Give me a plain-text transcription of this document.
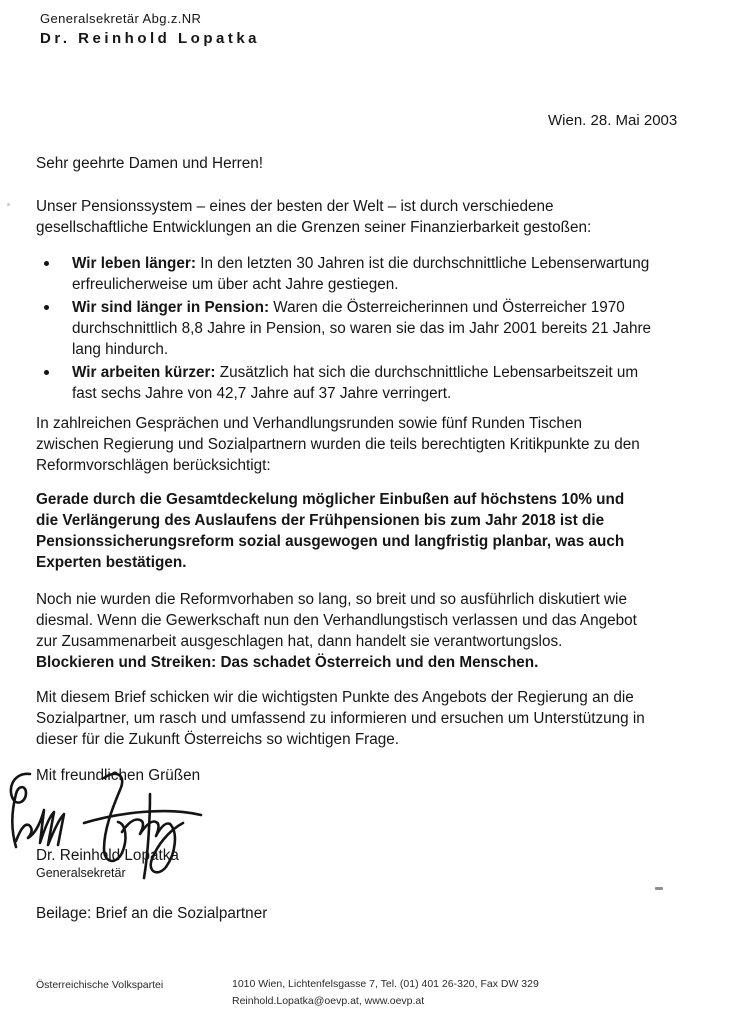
Generalsekretär Abg.z.NR
Dr. Reinhold Lopatka
Wien. 28. Mai 2003

Sehr geehrte Damen und Herren!

Unser Pensionssystem – eines der besten der Welt – ist durch verschiedene
gesellschaftliche Entwicklungen an die Grenzen seiner Finanzierbarkeit gestoßen:

Wir leben länger: In den letzten 30 Jahren ist die durchschnittliche Lebenserwartung
erfreulicherweise um über acht Jahre gestiegen.
Wir sind länger in Pension: Waren die Österreicherinnen und Österreicher 1970
durchschnittlich 8,8 Jahre in Pension, so waren sie das im Jahr 2001 bereits 21 Jahre
lang hindurch.
Wir arbeiten kürzer: Zusätzlich hat sich die durchschnittliche Lebensarbeitszeit um
fast sechs Jahre von 42,7 Jahre auf 37 Jahre verringert.

In zahlreichen Gesprächen und Verhandlungsrunden sowie fünf Runden Tischen
zwischen Regierung und Sozialpartnern wurden die teils berechtigten Kritikpunkte zu den
Reformvorschlägen berücksichtigt:

Gerade durch die Gesamtdeckelung möglicher Einbußen auf höchstens 10% und
die Verlängerung des Auslaufens der Frühpensionen bis zum Jahr 2018 ist die
Pensionssicherungsreform sozial ausgewogen und langfristig planbar, was auch
Experten bestätigen.

Noch nie wurden die Reformvorhaben so lang, so breit und so ausführlich diskutiert wie
diesmal. Wenn die Gewerkschaft nun den Verhandlungstisch verlassen und das Angebot
zur Zusammenarbeit ausgeschlagen hat, dann handelt sie verantwortungslos.
Blockieren und Streiken: Das schadet Österreich und den Menschen.

Mit diesem Brief schicken wir die wichtigsten Punkte des Angebots der Regierung an die
Sozialpartner, um rasch und umfassend zu informieren und ersuchen um Unterstützung in
dieser für die Zukunft Österreichs so wichtigen Frage.

Mit freundlichen Grüßen

Dr. Reinhold Lopatka
Generalsekretär
Beilage: Brief an die Sozialpartner
Österreichische Volkspartei	1010 Wien, Lichtenfelsgasse 7, Tel. (01) 401 26-320, Fax DW 329
Reinhold.Lopatka@oevp.at, www.oevp.at
